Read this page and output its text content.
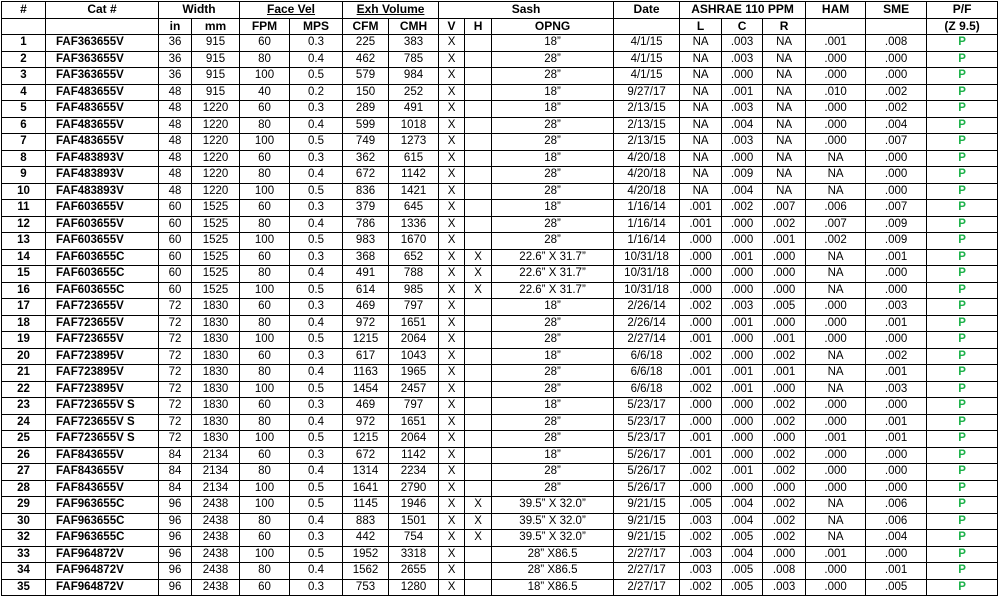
#	Cat #	Width		Face Vel		Exh Volume		Sash			Date	ASHRAE 110 PPM			HAM	SME	P/F
		in	mm	FPM	MPS	CFM	CMH	V	H	OPNG		L	C	R			(Z 9.5)
1	FAF363655V	36	915	60	0.3	225	383	X		18”	4/1/15	NA	.003	NA	.001	.008	P
2	FAF363655V	36	915	80	0.4	462	785	X		28”	4/1/15	NA	.003	NA	.000	.000	P
3	FAF363655V	36	915	100	0.5	579	984	X		28”	4/1/15	NA	.000	NA	.000	.000	P
4	FAF483655V	48	915	40	0.2	150	252	X		18”	9/27/17	NA	.001	NA	.010	.002	P
5	FAF483655V	48	1220	60	0.3	289	491	X		18”	2/13/15	NA	.003	NA	.000	.002	P
6	FAF483655V	48	1220	80	0.4	599	1018	X		28”	2/13/15	NA	.004	NA	.000	.004	P
7	FAF483655V	48	1220	100	0.5	749	1273	X		28”	2/13/15	NA	.003	NA	.000	.007	P
8	FAF483893V	48	1220	60	0.3	362	615	X		18”	4/20/18	NA	.000	NA	NA	.000	P
9	FAF483893V	48	1220	80	0.4	672	1142	X		28”	4/20/18	NA	.009	NA	NA	.000	P
10	FAF483893V	48	1220	100	0.5	836	1421	X		28”	4/20/18	NA	.004	NA	NA	.000	P
11	FAF603655V	60	1525	60	0.3	379	645	X		18”	1/16/14	.001	.002	.007	.006	.007	P
12	FAF603655V	60	1525	80	0.4	786	1336	X		28”	1/16/14	.001	.000	.002	.007	.009	P
13	FAF603655V	60	1525	100	0.5	983	1670	X		28”	1/16/14	.000	.000	.001	.002	.009	P
14	FAF603655C	60	1525	60	0.3	368	652	X	X	22.6” X 31.7”	10/31/18	.000	.001	.000	NA	.001	P
15	FAF603655C	60	1525	80	0.4	491	788	X	X	22.6” X 31.7”	10/31/18	.000	.000	.000	NA	.000	P
16	FAF603655C	60	1525	100	0.5	614	985	X	X	22.6” X 31.7”	10/31/18	.000	.000	.000	NA	.000	P
17	FAF723655V	72	1830	60	0.3	469	797	X		18”	2/26/14	.002	.003	.005	.000	.003	P
18	FAF723655V	72	1830	80	0.4	972	1651	X		28”	2/26/14	.000	.001	.000	.000	.001	P
19	FAF723655V	72	1830	100	0.5	1215	2064	X		28”	2/27/14	.001	.000	.001	.000	.000	P
20	FAF723895V	72	1830	60	0.3	617	1043	X		18”	6/6/18	.002	.000	.002	NA	.002	P
21	FAF723895V	72	1830	80	0.4	1163	1965	X		28”	6/6/18	.001	.001	.001	NA	.001	P
22	FAF723895V	72	1830	100	0.5	1454	2457	X		28”	6/6/18	.002	.001	.000	NA	.003	P
23	FAF723655V S	72	1830	60	0.3	469	797	X		18”	5/23/17	.000	.000	.002	.000	.000	P
24	FAF723655V S	72	1830	80	0.4	972	1651	X		28”	5/23/17	.000	.000	.002	.000	.001	P
25	FAF723655V S	72	1830	100	0.5	1215	2064	X		28”	5/23/17	.001	.000	.000	.001	.001	P
26	FAF843655V	84	2134	60	0.3	672	1142	X		18”	5/26/17	.001	.000	.002	.000	.000	P
27	FAF843655V	84	2134	80	0.4	1314	2234	X		28”	5/26/17	.002	.001	.002	.000	.000	P
28	FAF843655V	84	2134	100	0.5	1641	2790	X		28”	5/26/17	.000	.000	.000	.000	.000	P
29	FAF963655C	96	2438	100	0.5	1145	1946	X	X	39.5” X 32.0”	9/21/15	.005	.004	.002	NA	.006	P
30	FAF963655C	96	2438	80	0.4	883	1501	X	X	39.5” X 32.0”	9/21/15	.003	.004	.002	NA	.006	P
32	FAF963655C	96	2438	60	0.3	442	754	X	X	39.5” X 32.0”	9/21/15	.002	.005	.002	NA	.004	P
33	FAF964872V	96	2438	100	0.5	1952	3318	X		28” X86.5	2/27/17	.003	.004	.000	.001	.000	P
34	FAF964872V	96	2438	80	0.4	1562	2655	X		28” X86.5	2/27/17	.003	.005	.008	.000	.001	P
35	FAF964872V	96	2438	60	0.3	753	1280	X		18” X86.5	2/27/17	.002	.005	.003	.000	.005	P
